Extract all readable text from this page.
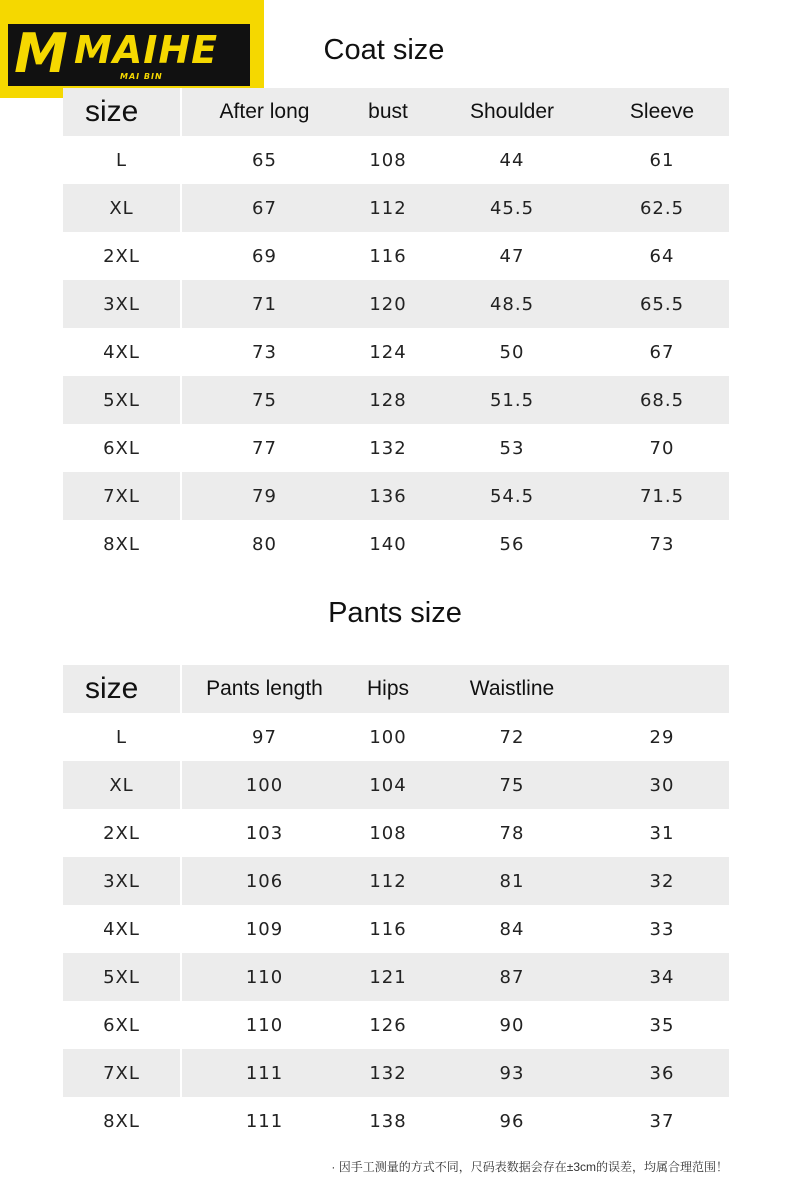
M MAIHE
MAI BIN
Coat size
size	After long	bust	Shoulder	Sleeve
L	65	108	44	61
XL	67	112	45.5	62.5
2XL	69	116	47	64
3XL	71	120	48.5	65.5
4XL	73	124	50	67
5XL	75	128	51.5	68.5
6XL	77	132	53	70
7XL	79	136	54.5	71.5
8XL	80	140	56	73
Pants size
size	Pants length	Hips	Waistline	
L	97	100	72	29
XL	100	104	75	30
2XL	103	108	78	31
3XL	106	112	81	32
4XL	109	116	84	33
5XL	110	121	87	34
6XL	110	126	90	35
7XL	111	132	93	36
8XL	111	138	96	37
· 因手工测量的方式不同，尺码表数据会存在±3cm的误差，均属合理范围！
